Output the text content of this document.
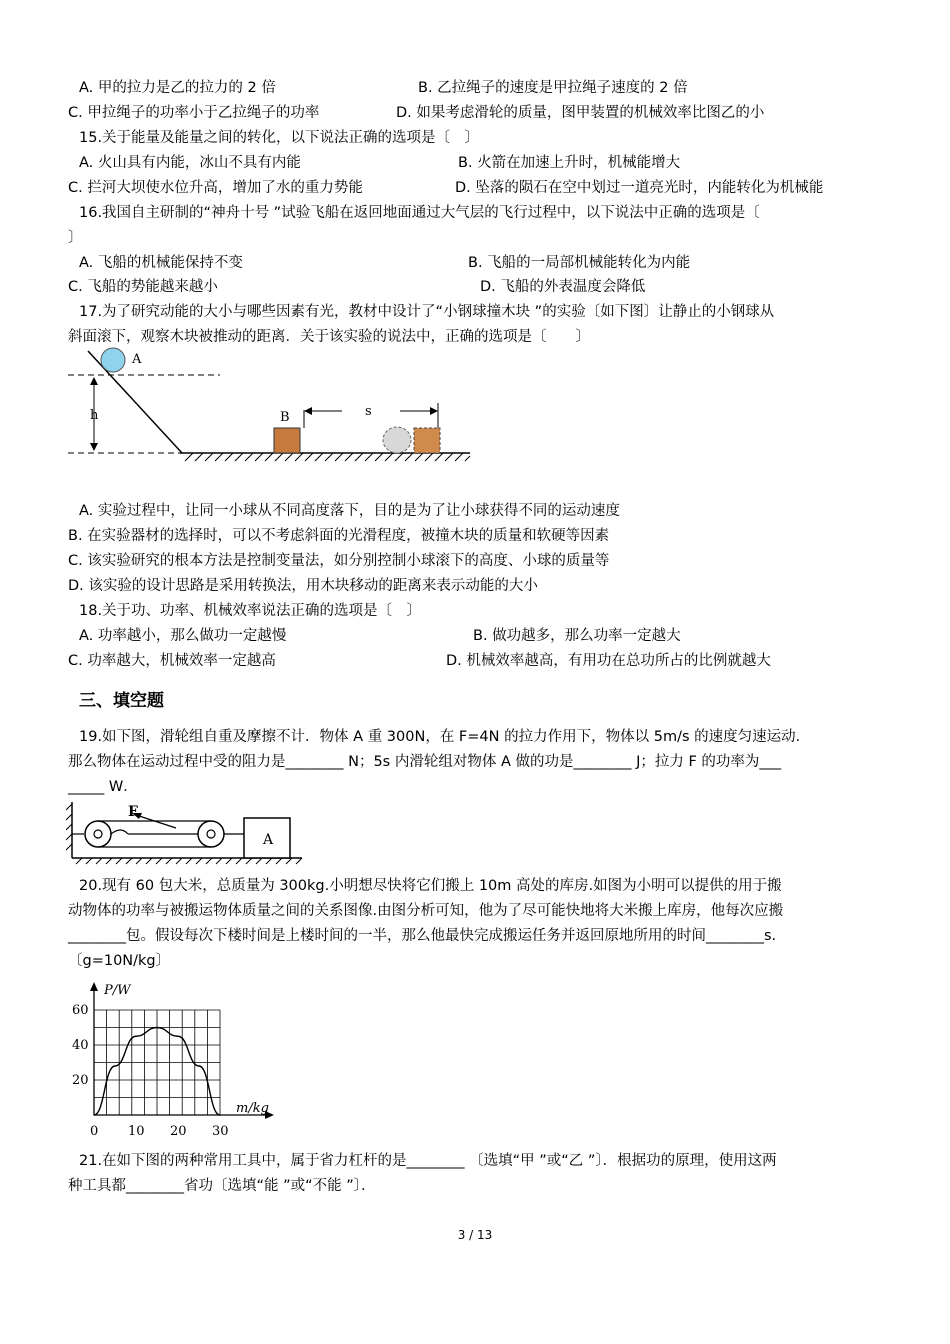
A. 甲的拉力是乙的拉力的 2 倍	B. 乙拉绳子的速度是甲拉绳子速度的 2 倍
C. 甲拉绳子的功率小于乙拉绳子的功率	D. 如果考虑滑轮的质量，图甲装置的机械效率比图乙的小
15.关于能量及能量之间的转化，以下说法正确的选项是〔　〕
A. 火山具有内能，冰山不具有内能	B. 火箭在加速上升时，机械能增大
C. 拦河大坝使水位升高，增加了水的重力势能	D. 坠落的陨石在空中划过一道亮光时，内能转化为机械能
16.我国自主研制的“神舟十号 ”试验飞船在返回地面通过大气层的飞行过程中，以下说法中正确的选项是〔
〕
A. 飞船的机械能保持不变	B. 飞船的一局部机械能转化为内能
C. 飞船的势能越来越小	D. 飞船的外表温度会降低
17.为了研究动能的大小与哪些因素有光，教材中设计了“小钢球撞木块 ”的实验〔如下图〕让静止的小钢球从
斜面滚下，观察木块被推动的距离．关于该实验的说法中，正确的选项是〔　　〕
h
A
B	s
A. 实验过程中，让同一小球从不同高度落下，目的是为了让小球获得不同的运动速度
B. 在实验器材的选择时，可以不考虑斜面的光滑程度，被撞木块的质量和软硬等因素
C. 该实验研究的根本方法是控制变量法，如分别控制小球滚下的高度、小球的质量等
D. 该实验的设计思路是采用转换法，用木块移动的距离来表示动能的大小
18.关于功、功率、机械效率说法正确的选项是〔　〕
A. 功率越小，那么做功一定越慢	B. 做功越多，那么功率一定越大
C. 功率越大，机械效率一定越高	D. 机械效率越高，有用功在总功所占的比例就越大
三、填空题
19.如下图，滑轮组自重及摩擦不计．物体 A 重 300N，在 F=4N 的拉力作用下，物体以 5m/s 的速度匀速运动．
那么物体在运动过程中受的阻力是________ N；5s 内滑轮组对物体 A 做的功是________ J；拉力 F 的功率为___
_____ W．
F
A
20.现有 60 包大米，总质量为 300kg.小明想尽快将它们搬上 10m 高处的库房.如图为小明可以提供的用于搬
动物体的功率与被搬运物体质量之间的关系图像.由图分析可知，他为了尽可能快地将大米搬上库房，他每次应搬
________包。假设每次下楼时间是上楼时间的一半，那么他最快完成搬运任务并返回原地所用的时间________s.
〔g=10N/kg〕
0 10 20 30
20
40
60
P/W
m/kg
21.在如下图的两种常用工具中，属于省力杠杆的是________ 〔选填“甲 ”或“乙 ”〕．根据功的原理，使用这两
种工具都________省功〔选填“能 ”或“不能 ”〕．
3 / 13
